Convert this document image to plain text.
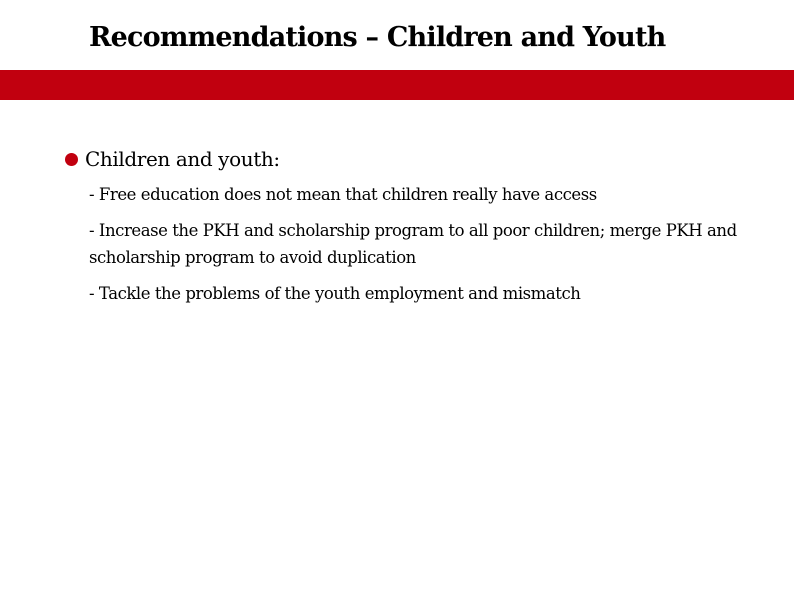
Recommendations – Children and Youth
Children and youth:
- Free education does not mean that children really have access
- Increase the PKH and scholarship program to all poor children; merge PKH and scholarship program to avoid duplication
- Tackle the problems of the youth employment and mismatch
